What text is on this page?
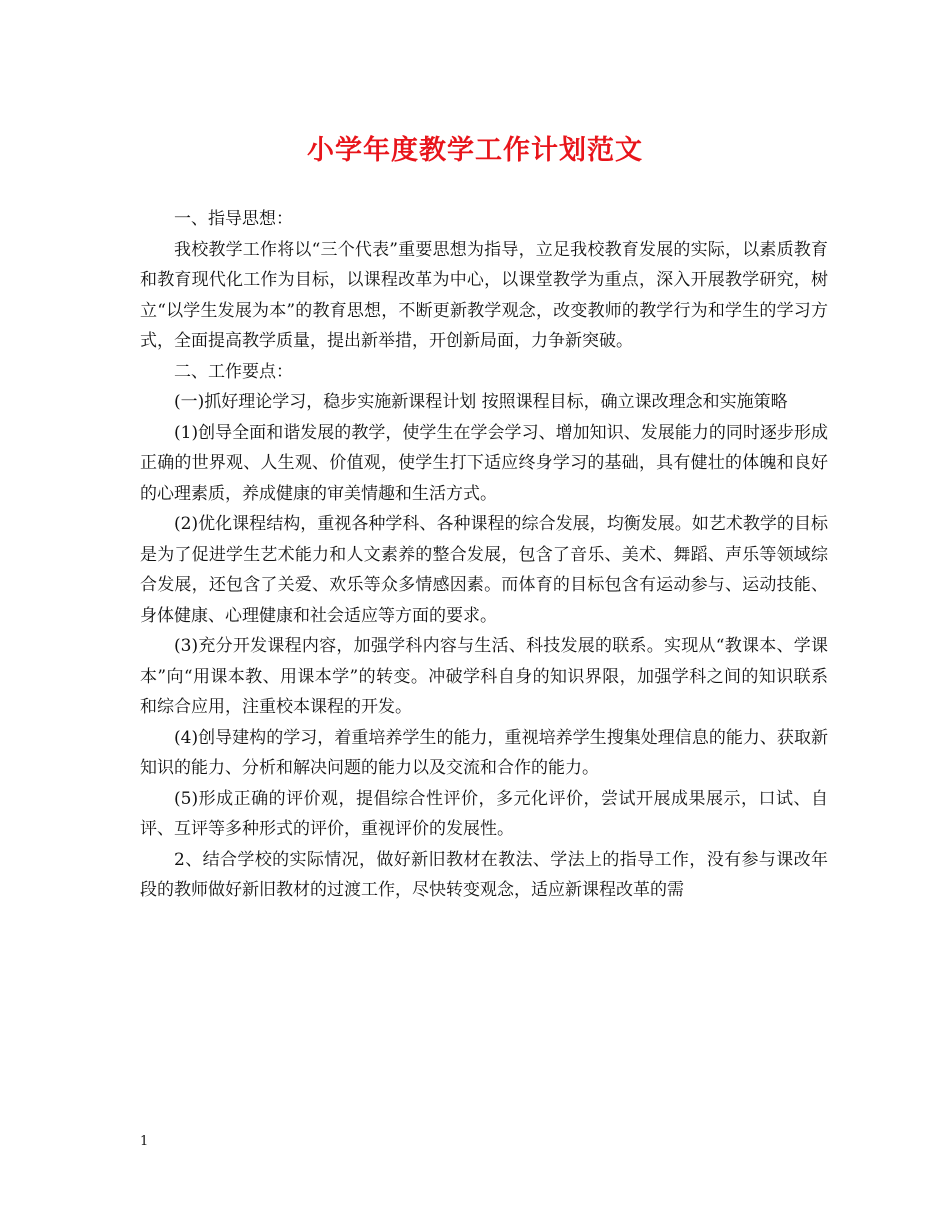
小学年度教学工作计划范文

一、指导思想：

我校教学工作将以“三个代表”重要思想为指导，立足我校教育发展的实际，以素质教育和教育现代化工作为目标，以课程改革为中心，以课堂教学为重点，深入开展教学研究，树立“以学生发展为本”的教育思想，不断更新教学观念，改变教师的教学行为和学生的学习方式，全面提高教学质量，提出新举措，开创新局面，力争新突破。

二、工作要点：

(一)抓好理论学习，稳步实施新课程计划 按照课程目标，确立课改理念和实施策略

(1)创导全面和谐发展的教学，使学生在学会学习、增加知识、发展能力的同时逐步形成正确的世界观、人生观、价值观，使学生打下适应终身学习的基础，具有健壮的体魄和良好的心理素质，养成健康的审美情趣和生活方式。

(2)优化课程结构，重视各种学科、各种课程的综合发展，均衡发展。如艺术教学的目标是为了促进学生艺术能力和人文素养的整合发展，包含了音乐、美术、舞蹈、声乐等领域综合发展，还包含了关爱、欢乐等众多情感因素。而体育的目标包含有运动参与、运动技能、身体健康、心理健康和社会适应等方面的要求。

(3)充分开发课程内容，加强学科内容与生活、科技发展的联系。实现从“教课本、学课本”向“用课本教、用课本学”的转变。冲破学科自身的知识界限，加强学科之间的知识联系和综合应用，注重校本课程的开发。

(4)创导建构的学习，着重培养学生的能力，重视培养学生搜集处理信息的能力、获取新知识的能力、分析和解决问题的能力以及交流和合作的能力。

(5)形成正确的评价观，提倡综合性评价，多元化评价，尝试开展成果展示，口试、自评、互评等多种形式的评价，重视评价的发展性。

2、结合学校的实际情况，做好新旧教材在教法、学法上的指导工作，没有参与课改年段的教师做好新旧教材的过渡工作，尽快转变观念，适应新课程改革的需

1
